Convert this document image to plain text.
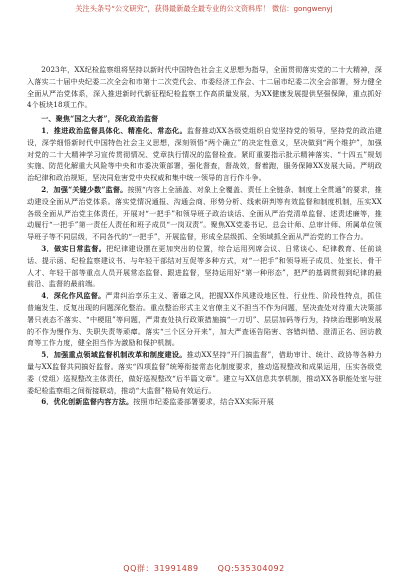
关注头条号“公文研究”，获得最新最全最专业的公文资料库！ 微信：gongwenyj

2023年，XX纪检监察组将坚持以新时代中国特色社会主义思想为指导，全面贯彻落实党的二十大精神，深入落实二十届中央纪委二次全会和市第十二次党代会、市委经济工作会、十二届市纪委二次全会部署，努力健全全面从严治党体系，深入推进新时代新征程纪检监察工作高质量发展，为XX健康发展提供坚强保障，重点抓好4个板块18项工作。

一、聚焦“国之大者”，深化政治监督

1．推进政治监督具体化、精准化、常态化。监督推动XX各级党组织自觉坚持党的领导，坚持党的政治建设，深学细悟新时代中国特色社会主义思想，深刻领悟“两个确立”的决定性意义，坚决做到“两个维护”，加强对党的二十大精神学习宣传贯彻情况、党章执行情况的监督检查。紧盯重要指示批示精神落实、“十四五”规划实施、防范化解重大风险等中央和市委决策部署，强化督查，督战效，督着跑，服务保障XX发展大局。严明政治纪律和政治规矩，坚决同危害党中央权威和集中统一领导的言行作斗争。

2．加强“关键少数”监督。按照“内容上全涵盖、对象上全覆盖、责任上全链条、制度上全贯通”的要求，推动建设全面从严治党体系。落实党情况通报、沟通会商、形势分析、线索研判等有效监督和制度机制，压实XX各级全面从严治党主体责任，开展对“一把手”和领导班子政治谈话、全面从严治党清单监督、述责述廉等，推动履行“一把手”第一责任人责任和班子成员“一岗双责”。聚焦XX党委书记、总会计师、总审计师、所属单位领导班子等不同层级，不同各代的“一把手”，开展监督，形成全层级抓、全领域抓全面从严治党的工作合力。

3．做实日常监督。把纪律建设摆在更加突出的位置，综合运用列席会议、日常谈心、纪律教育、任前谈话、提示函、纪检监察建议书、与年轻干部结对互促等多种方式，对“一把手”和领导班子成员、处室长、骨干人才、年轻干部等重点人员开展常态监督、跟进监督，坚持运用好“第一种形态”，把严的基调贯彻到纪律的最前沿、监督的最前端。

4．深化作风监督。严肃纠治享乐主义、奢靡之风，把握XX作风建设地区性、行业性、阶段性特点，抓住普遍发生、反复出现的问题深化整治。重点整治形式主义官僚主义不担当不作为问题，坚决查处对待重大决策部署只表态不落实、“中梗阻”等问题，严肃查处执行政策措施搞“一刀切”、层层加码等行为，持续治理影响发展的不作为慢作为、失职失责等顽瘴。落实“三个区分开来”，加大严查诬告陷害、容错纠错、澄清正名、回访教育等工作力度，健全担当作为激励和保护机制。

5．加强重点领域监督机制改革和制度建设。推动XX坚持“开门搞监督”，借助审计、统计、政协等各种力量与XX监督共同搞好监督。落实“四项监督”统筹衔接常态化制度要求，推动巡视整改和成果运用，压实各级党委（党组）巡视整改主体责任，做好巡视整改“后半篇文章”。建立与XX信息共享机制，推动XX各职能处室与驻委纪检监察组之间衔接联动，推动“大监督”格局有效运行。

6．优化创新监督内容方法。按照市纪委监委部署要求，结合XX实际开展

QQ群：31991489 QQ:535304092
